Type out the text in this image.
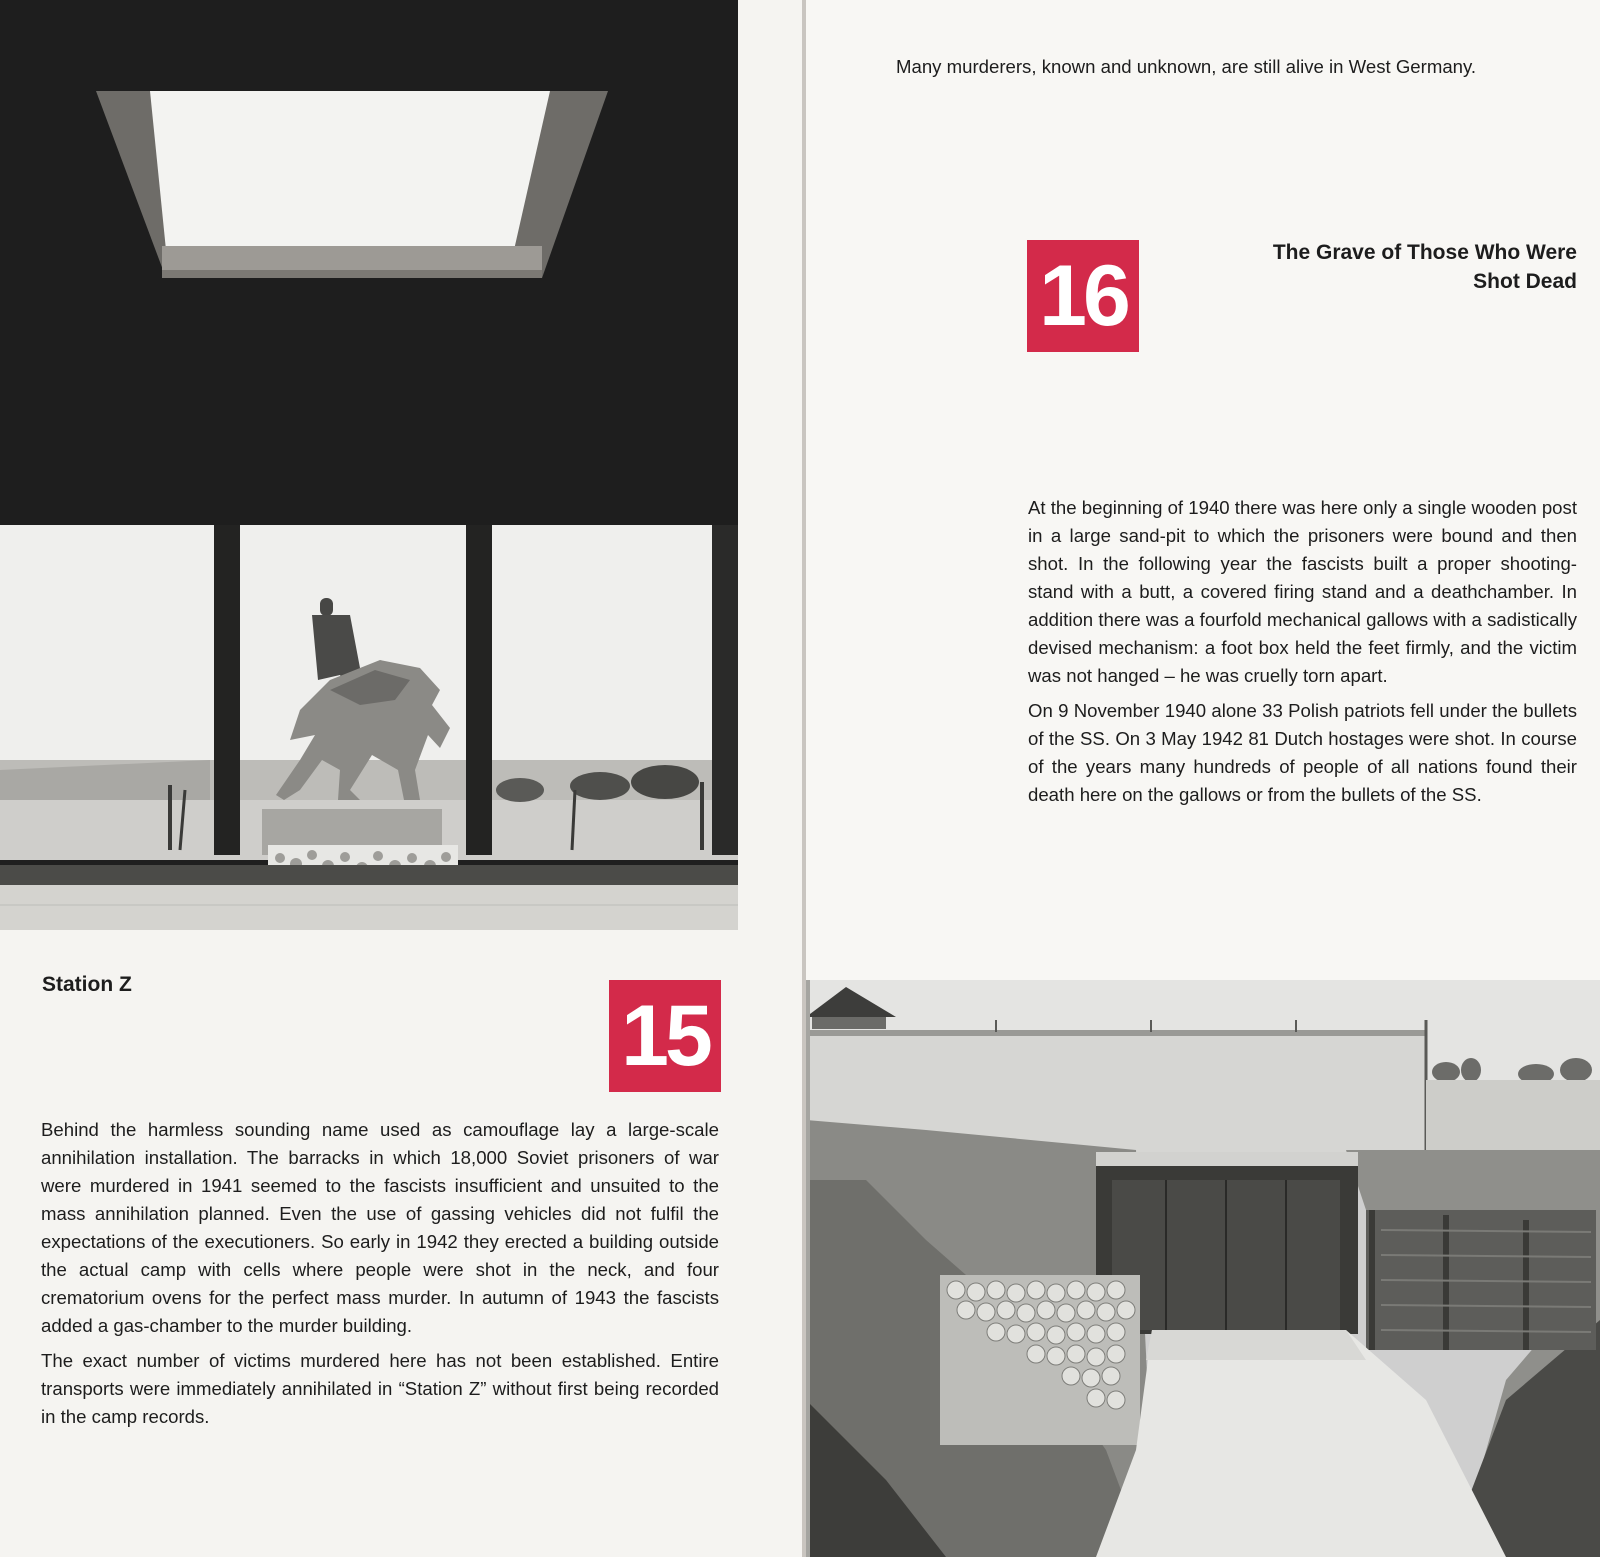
Station Z
15

Behind the harmless sounding name used as camouflage lay a large-scale annihilation installation. The barracks in which 18,000 Soviet prisoners of war were murdered in 1941 seemed to the fascists insufficient and unsuited to the mass annihilation planned. Even the use of gassing vehicles did not fulfil the expectations of the executioners. So early in 1942 they erected a building outside the actual camp with cells where people were shot in the neck, and four crematorium ovens for the perfect mass murder. In autumn of 1943 the fascists added a gas-chamber to the murder building.

The exact number of victims murdered here has not been established. Entire transports were immediately annihilated in “Station Z” without first being recorded in the camp records.

Many murderers, known and unknown, are still alive in West Germany.

16	The Grave of Those Who Were Shot Dead

At the beginning of 1940 there was here only a single wooden post in a large sand-pit to which the prisoners were bound and then shot. In the following year the fascists built a proper shooting-stand with a butt, a covered firing stand and a deathchamber. In addition there was a fourfold mechanical gallows with a sadistically devised mechanism: a foot box held the feet firmly, and the victim was not hanged – he was cruelly torn apart.

On 9 November 1940 alone 33 Polish patriots fell under the bullets of the SS. On 3 May 1942 81 Dutch hostages were shot. In course of the years many hundreds of people of all nations found their death here on the gallows or from the bullets of the SS.
